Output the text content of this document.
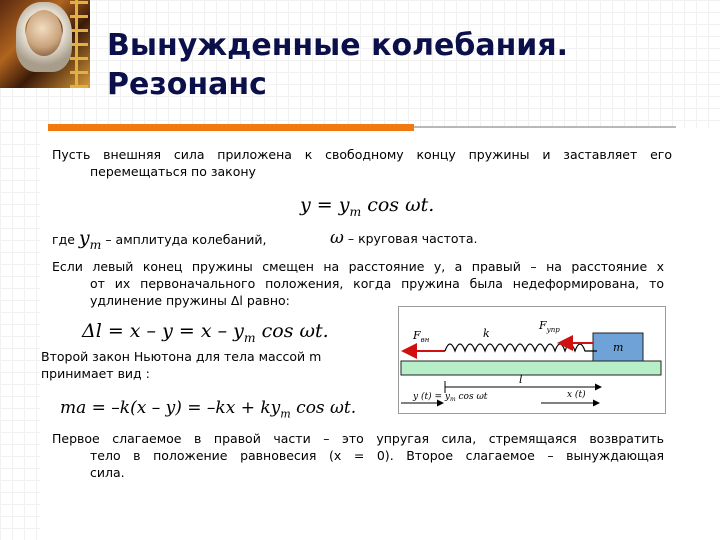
Вынужденные колебания.
Резонанс
Пусть внешняя сила приложена к свободному концу пружины и заставляет его
перемещаться по закону
$y = y_m$ cos ωt.
где $y_m$ – амплитуда колебаний,	ω – круговая частота.
Если левый конец пружины смещен на расстояние y, а правый – на расстояние x
от их первоначального положения, когда пружина была недеформирована, то
удлинение пружины Δl равно:
$\Delta l = x - y = x - y_m$ cos ωt.
Второй закон Ньютона для тела массой m
принимает вид :
ma = $-k(x - y) = -kx + ky_m$ cos ωt.
Первое слагаемое в правой части – это упругая сила, стремящаяся возвратить
тело в положение равновесия (x = 0). Второе слагаемое – вынуждающая
сила.
m
$F_{вн}$	k
$F_{упр}$
l
y $(t) = y_m$ cos ωt	x (t)
